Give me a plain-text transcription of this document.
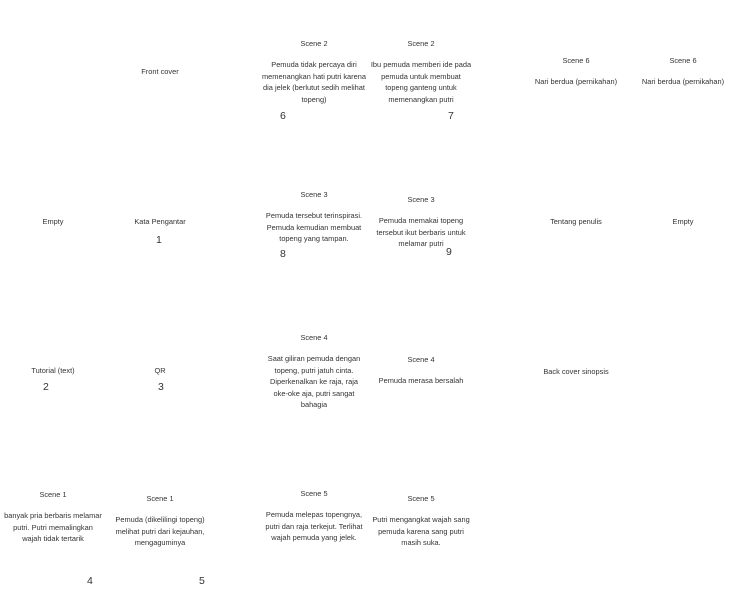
Front cover
Scene 2
Pemuda tidak percaya diri memenangkan hati putri karena dia jelek (berlutut sedih melihat topeng)
Scene 2
Ibu pemuda memberi ide pada pemuda untuk membuat topeng ganteng untuk memenangkan putri
Scene 6
Nari berdua (pernikahan)
Scene 6
Nari berdua (pernikahan)
6	7
Empty	Kata Pengantar
Scene 3
Pemuda tersebut terinspirasi. Pemuda kemudian membuat topeng yang tampan.
Scene 3
Pemuda memakai topeng tersebut ikut berbaris untuk melamar putri
Tentang penulis	Empty
1
8	9
Tutorial (text)	QR
Scene 4
Saat giliran pemuda dengan topeng, putri jatuh cinta. Diperkenalkan ke raja, raja oke-oke aja, putri sangat bahagia
Scene 4
Pemuda merasa bersalah
Back cover sinopsis
2	3
Scene 1
banyak pria berbaris melamar putri. Putri memalingkan wajah tidak tertarik
Scene 1
Pemuda (dikelilingi topeng) melihat putri dari kejauhan, mengaguminya
Scene 5
Pemuda melepas topengnya, putri dan raja terkejut. Terlihat wajah pemuda yang jelek.
Scene 5
Putri mengangkat wajah sang pemuda karena sang putri masih suka.
4	5
